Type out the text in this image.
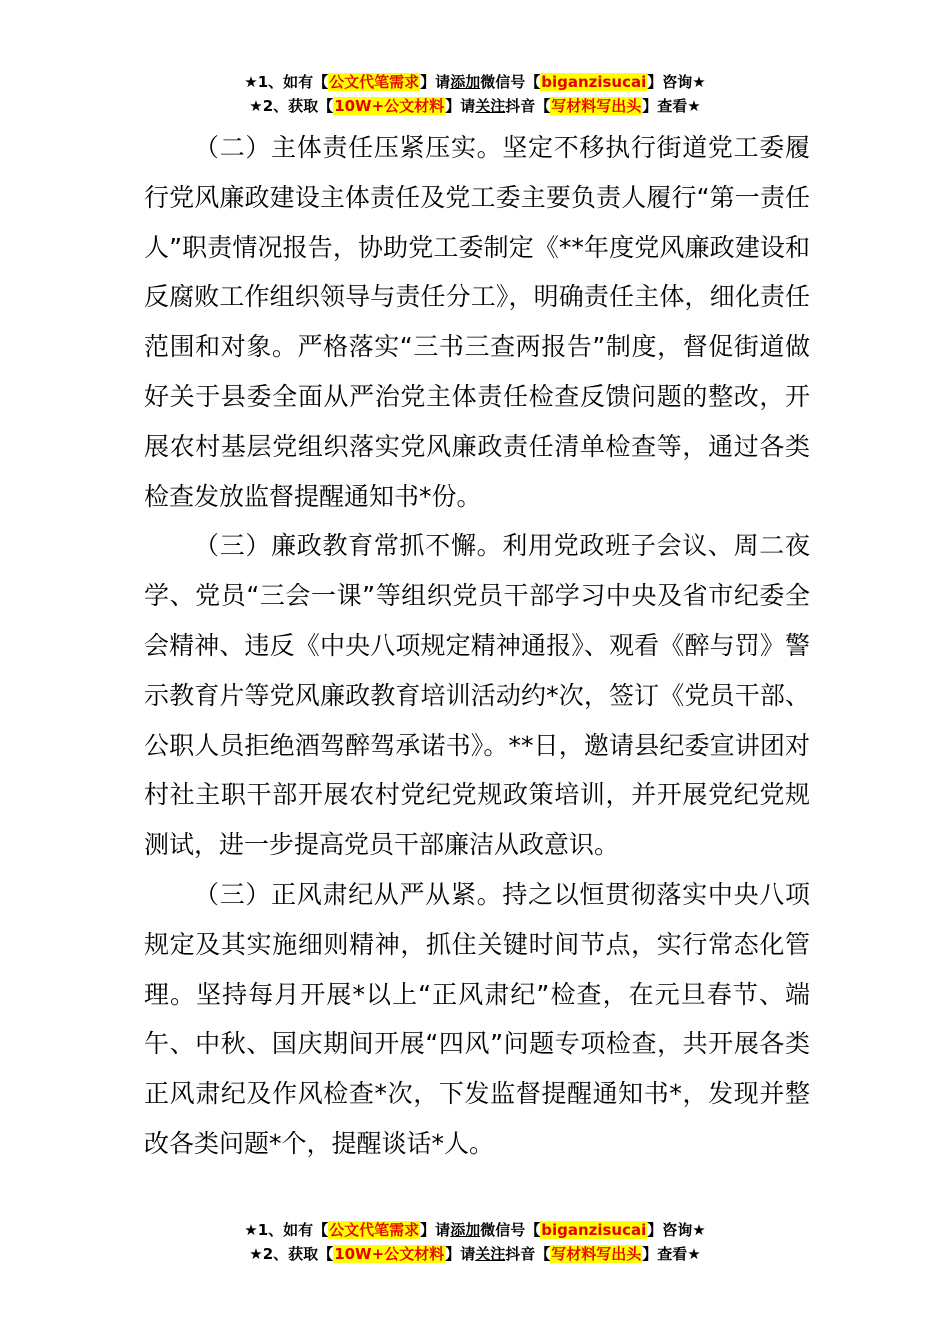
★1、如有【公文代笔需求】请添加微信号【biganzisucai】咨询★
★2、获取【10W+公文材料】请关注抖音【写材料写出头】查看★

（二）主体责任压紧压实。坚定不移执行街道党工委履行党风廉政建设主体责任及党工委主要负责人履行“第一责任人”职责情况报告，协助党工委制定《**年度党风廉政建设和反腐败工作组织领导与责任分工》，明确责任主体，细化责任范围和对象。严格落实“三书三查两报告”制度，督促街道做好关于县委全面从严治党主体责任检查反馈问题的整改，开展农村基层党组织落实党风廉政责任清单检查等，通过各类检查发放监督提醒通知书*份。

（三）廉政教育常抓不懈。利用党政班子会议、周二夜学、党员“三会一课”等组织党员干部学习中央及省市纪委全会精神、违反《中央八项规定精神通报》、观看《醉与罚》警示教育片等党风廉政教育培训活动约*次，签订《党员干部、公职人员拒绝酒驾醉驾承诺书》。**日，邀请县纪委宣讲团对村社主职干部开展农村党纪党规政策培训，并开展党纪党规测试，进一步提高党员干部廉洁从政意识。

（三）正风肃纪从严从紧。持之以恒贯彻落实中央八项规定及其实施细则精神，抓住关键时间节点，实行常态化管理。坚持每月开展*以上“正风肃纪”检查，在元旦春节、端午、中秋、国庆期间开展“四风”问题专项检查，共开展各类正风肃纪及作风检查*次，下发监督提醒通知书*，发现并整改各类问题*个，提醒谈话*人。

★1、如有【公文代笔需求】请添加微信号【biganzisucai】咨询★
★2、获取【10W+公文材料】请关注抖音【写材料写出头】查看★
